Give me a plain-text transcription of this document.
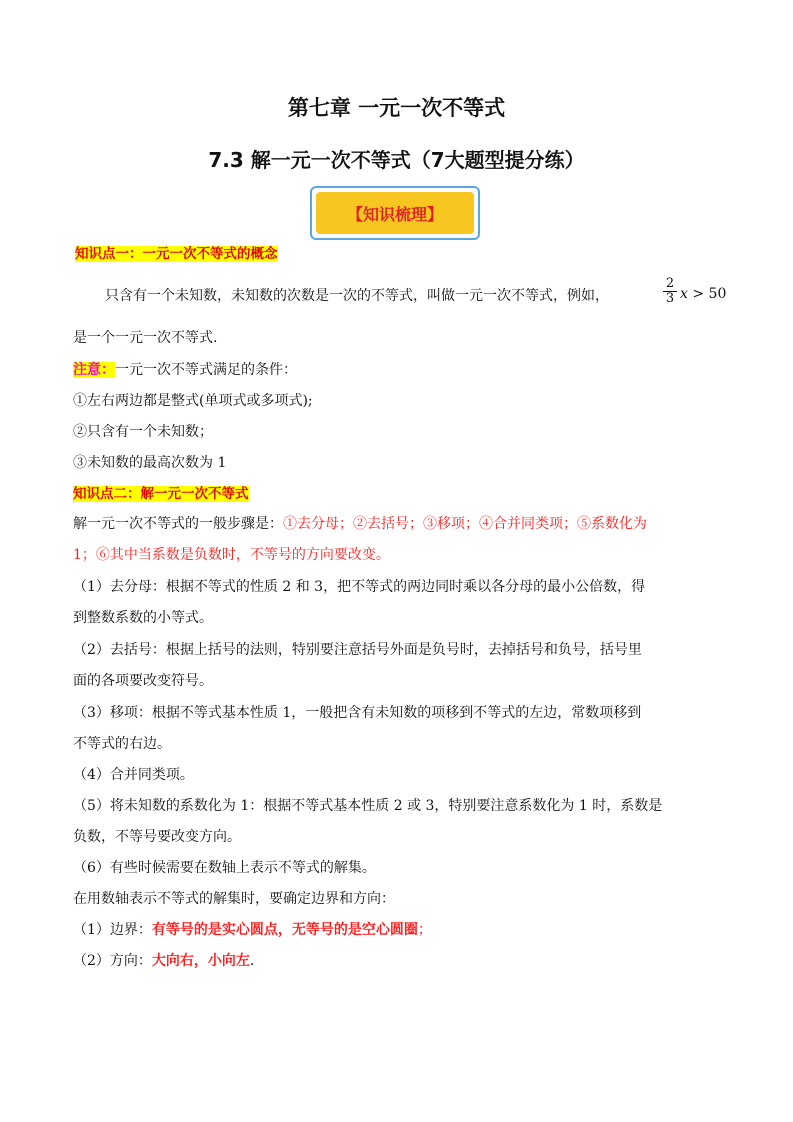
第七章 一元一次不等式
7.3 解一元一次不等式（7大题型提分练）
【知识梳理】
知识点一：一元一次不等式的概念
只含有一个未知数，未知数的次数是一次的不等式，叫做一元一次不等式，例如，	$\frac{2}{3}$ x > 50
是一个一元一次不等式.
注意：一元一次不等式满足的条件：
①左右两边都是整式(单项式或多项式);
②只含有一个未知数；
③未知数的最高次数为 1
知识点二：解一元一次不等式
解一元一次不等式的一般步骤是：①去分母；②去括号；③移项；④合并同类项；⑤系数化为
1；⑥其中当系数是负数时，不等号的方向要改变。
（1）去分母：根据不等式的性质 2 和 3，把不等式的两边同时乘以各分母的最小公倍数，得
到整数系数的小等式。
（2）去括号：根据上括号的法则，特别要注意括号外面是负号时，去掉括号和负号，括号里
面的各项要改变符号。
（3）移项：根据不等式基本性质 1，一般把含有未知数的项移到不等式的左边，常数项移到
不等式的右边。
（4）合并同类项。
（5）将未知数的系数化为 1：根据不等式基本性质 2 或 3，特别要注意系数化为 1 时，系数是
负数，不等号要改变方向。
（6）有些时候需要在数轴上表示不等式的解集。
在用数轴表示不等式的解集时，要确定边界和方向：
（1）边界：有等号的是实心圆点，无等号的是空心圆圈；
（2）方向：大向右，小向左.
